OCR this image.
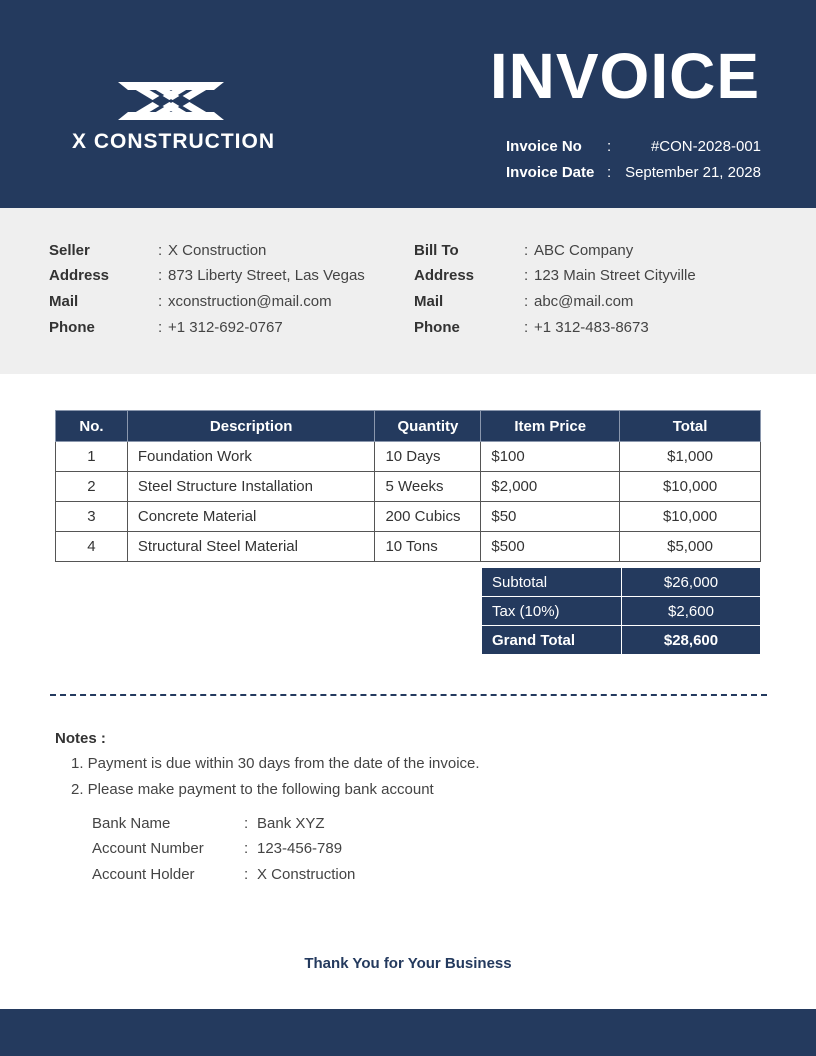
X CONSTRUCTION
INVOICE
Invoice No :	#CON-2028-001
Invoice Date : September 21, 2028
Seller	: X Construction
Address	: 873 Liberty Street, Las Vegas
Mail	: xconstruction@mail.com
Phone	: +1 312-692-0767
Bill To	: ABC Company
Address	: 123 Main Street Cityville
Mail	: abc@mail.com
Phone	: +1 312-483-8673
No.	Description	Quantity	Item Price	Total
1	Foundation Work	10 Days	$100	$1,000
2	Steel Structure Installation	5 Weeks	$2,000	$10,000
3	Concrete Material	200 Cubics	$50	$10,000
4	Structural Steel Material	10 Tons	$500	$5,000
Subtotal	$26,000
Tax (10%)	$2,600
Grand Total	$28,600
Notes :
1. Payment is due within 30 days from the date of the invoice.
2. Please make payment to the following bank account
Bank Name	: Bank XYZ
Account Number	: 123-456-789
Account Holder	: X Construction
Thank You for Your Business
